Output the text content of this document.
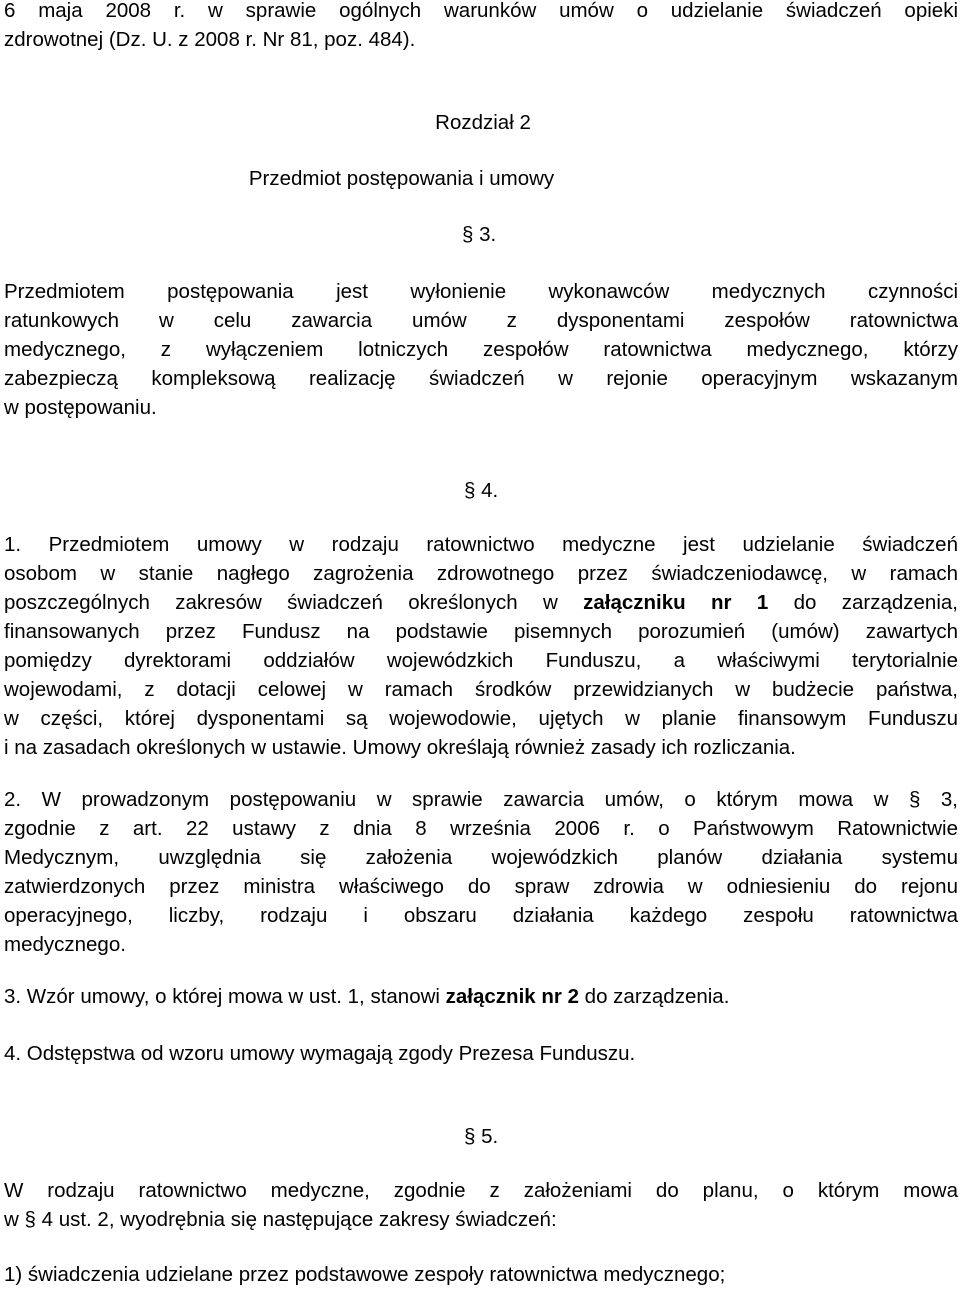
6 maja 2008 r. w sprawie ogólnych warunków umów o udzielanie świadczeń opieki
zdrowotnej (Dz. U. z 2008 r. Nr 81, poz. 484).
Rozdział 2
Przedmiot postępowania i umowy
§ 3.
Przedmiotem postępowania jest wyłonienie wykonawców medycznych czynności
ratunkowych w celu zawarcia umów z dysponentami zespołów ratownictwa
medycznego, z wyłączeniem lotniczych zespołów ratownictwa medycznego, którzy
zabezpieczą kompleksową realizację świadczeń w rejonie operacyjnym wskazanym
w postępowaniu.
§ 4.
1. Przedmiotem umowy w rodzaju ratownictwo medyczne jest udzielanie świadczeń
osobom w stanie nagłego zagrożenia zdrowotnego przez świadczeniodawcę, w ramach
poszczególnych zakresów świadczeń określonych w załączniku nr 1 do zarządzenia,
finansowanych przez Fundusz na podstawie pisemnych porozumień (umów) zawartych
pomiędzy dyrektorami oddziałów wojewódzkich Funduszu, a właściwymi terytorialnie
wojewodami, z dotacji celowej w ramach środków przewidzianych w budżecie państwa,
w części, której dysponentami są wojewodowie, ujętych w planie finansowym Funduszu
i na zasadach określonych w ustawie. Umowy określają również zasady ich rozliczania.
2. W prowadzonym postępowaniu w sprawie zawarcia umów, o którym mowa w § 3,
zgodnie z art. 22 ustawy z dnia 8 września 2006 r. o Państwowym Ratownictwie
Medycznym, uwzględnia się założenia wojewódzkich planów działania systemu
zatwierdzonych przez ministra właściwego do spraw zdrowia w odniesieniu do rejonu
operacyjnego, liczby, rodzaju i obszaru działania każdego zespołu ratownictwa
medycznego.
3. Wzór umowy, o której mowa w ust. 1, stanowi załącznik nr 2 do zarządzenia.
4. Odstępstwa od wzoru umowy wymagają zgody Prezesa Funduszu.
§ 5.
W rodzaju ratownictwo medyczne, zgodnie z założeniami do planu, o którym mowa
w § 4 ust. 2, wyodrębnia się następujące zakresy świadczeń:
1) świadczenia udzielane przez podstawowe zespoły ratownictwa medycznego;
